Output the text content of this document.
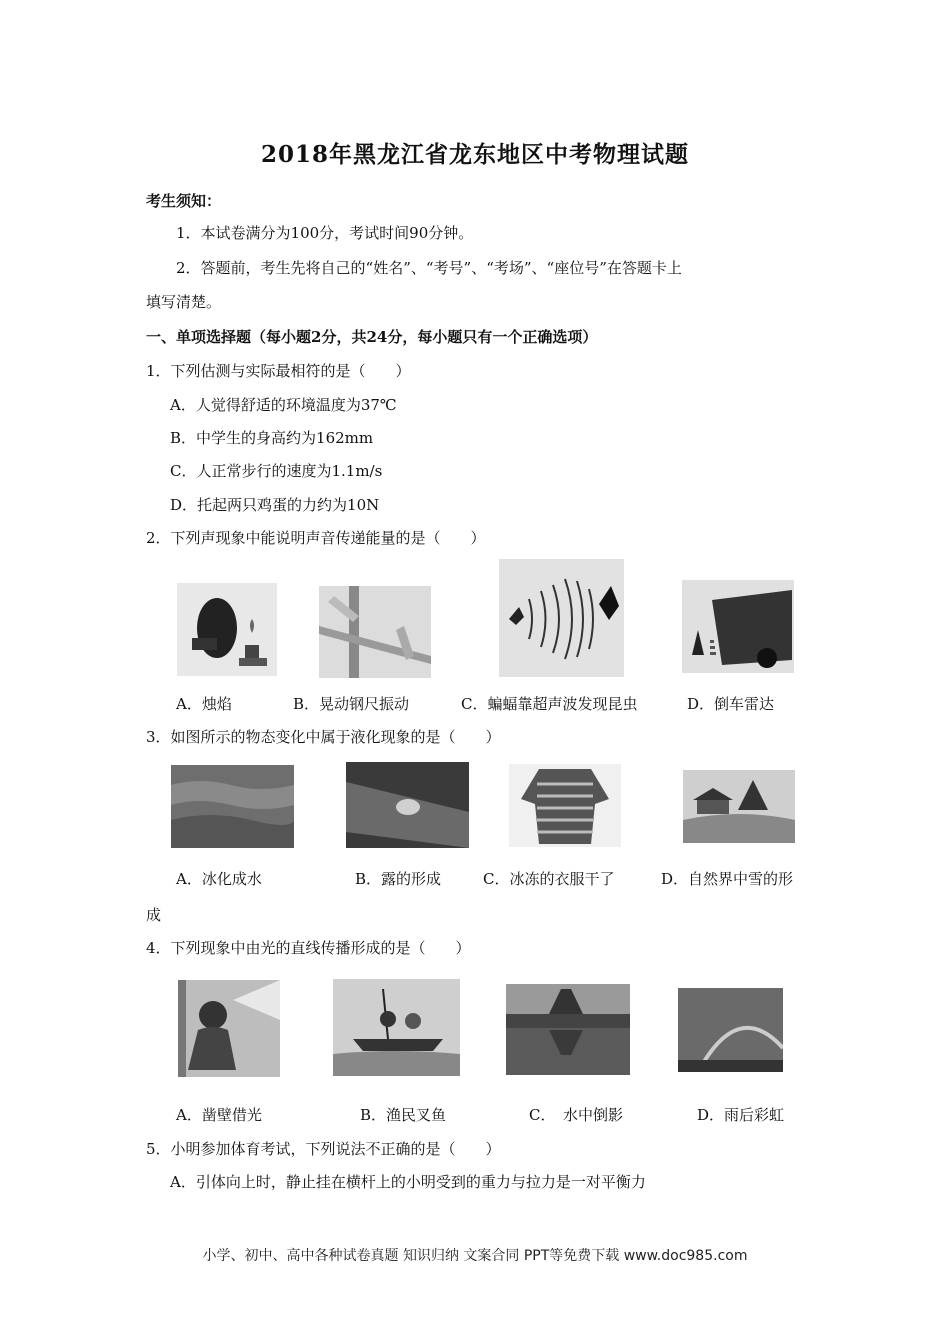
2018年黑龙江省龙东地区中考物理试题
考生须知：
1．本试卷满分为100分，考试时间90分钟。
2．答题前，考生先将自己的“姓名”、“考号”、“考场”、“座位号”在答题卡上
填写清楚。
一、单项选择题（每小题2分，共24分，每小题只有一个正确选项）
1．下列估测与实际最相符的是（　　）
A．人觉得舒适的环境温度为37℃
B．中学生的身高约为162mm
C．人正常步行的速度为1.1m/s
D．托起两只鸡蛋的力约为10N
2．下列声现象中能说明声音传递能量的是（　　）
A．烛焰	B．晃动钢尺振动	C．蝙蝠靠超声波发现昆虫	D．倒车雷达
3．如图所示的物态变化中属于液化现象的是（　　）
A．冰化成水	B．露的形成	C．冰冻的衣服干了	D．自然界中雪的形
成
4．下列现象中由光的直线传播形成的是（　　）
A．凿壁借光	B．渔民叉鱼	C．　水中倒影	D．雨后彩虹
5．小明参加体育考试，下列说法不正确的是（　　）
A．引体向上时，静止挂在横杆上的小明受到的重力与拉力是一对平衡力
小学、初中、高中各种试卷真题 知识归纳 文案合同 PPT等免费下载 www.doc985.com
